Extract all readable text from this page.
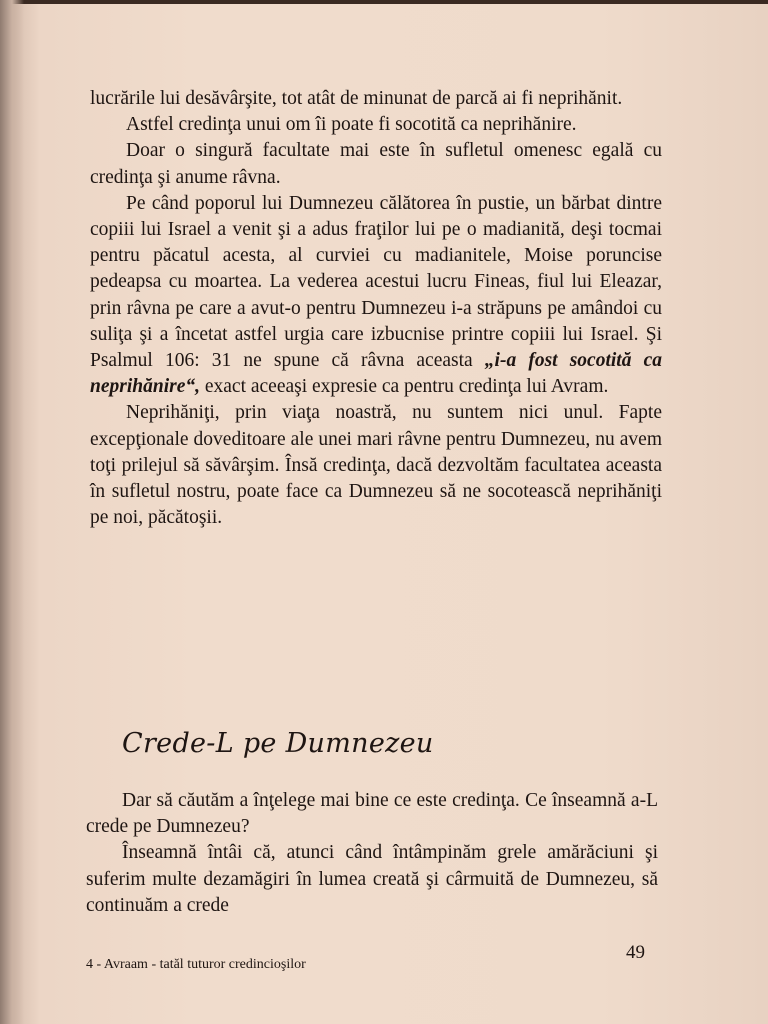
lucrările lui desăvârşite, tot atât de minunat de parcă ai fi neprihănit.

Astfel credinţa unui om îi poate fi socotită ca neprihănire.

Doar o singură facultate mai este în sufletul omenesc egală cu credinţa şi anume râvna.

Pe când poporul lui Dumnezeu călătorea în pustie, un bărbat dintre copiii lui Israel a venit şi a adus fraţilor lui pe o madianită, deşi tocmai pentru păcatul acesta, al curviei cu madianitele, Moise poruncise pedeapsa cu moartea. La vederea acestui lucru Fineas, fiul lui Eleazar, prin râvna pe care a avut-o pentru Dumnezeu i-a străpuns pe amândoi cu suliţa şi a încetat astfel urgia care izbucnise printre copiii lui Israel. Şi Psalmul 106: 31 ne spune că râvna aceasta „i-a fost socotită ca neprihănire“, exact aceeaşi expresie ca pentru credinţa lui Avram.

Neprihăniţi, prin viaţa noastră, nu suntem nici unul. Fapte excepţionale doveditoare ale unei mari râvne pentru Dumnezeu, nu avem toţi prilejul să săvârşim. Însă credinţa, dacă dezvoltăm facultatea aceasta în sufletul nostru, poate face ca Dumnezeu să ne socotească neprihăniţi pe noi, păcătoşii.

Crede-L pe Dumnezeu

Dar să căutăm a înţelege mai bine ce este credinţa. Ce înseamnă a-L crede pe Dumnezeu?

Înseamnă întâi că, atunci când întâmpinăm grele amărăciuni şi suferim multe dezamăgiri în lumea creată şi cârmuită de Dumnezeu, să continuăm a crede

4 - Avraam - tatăl tuturor credincioşilor
49
